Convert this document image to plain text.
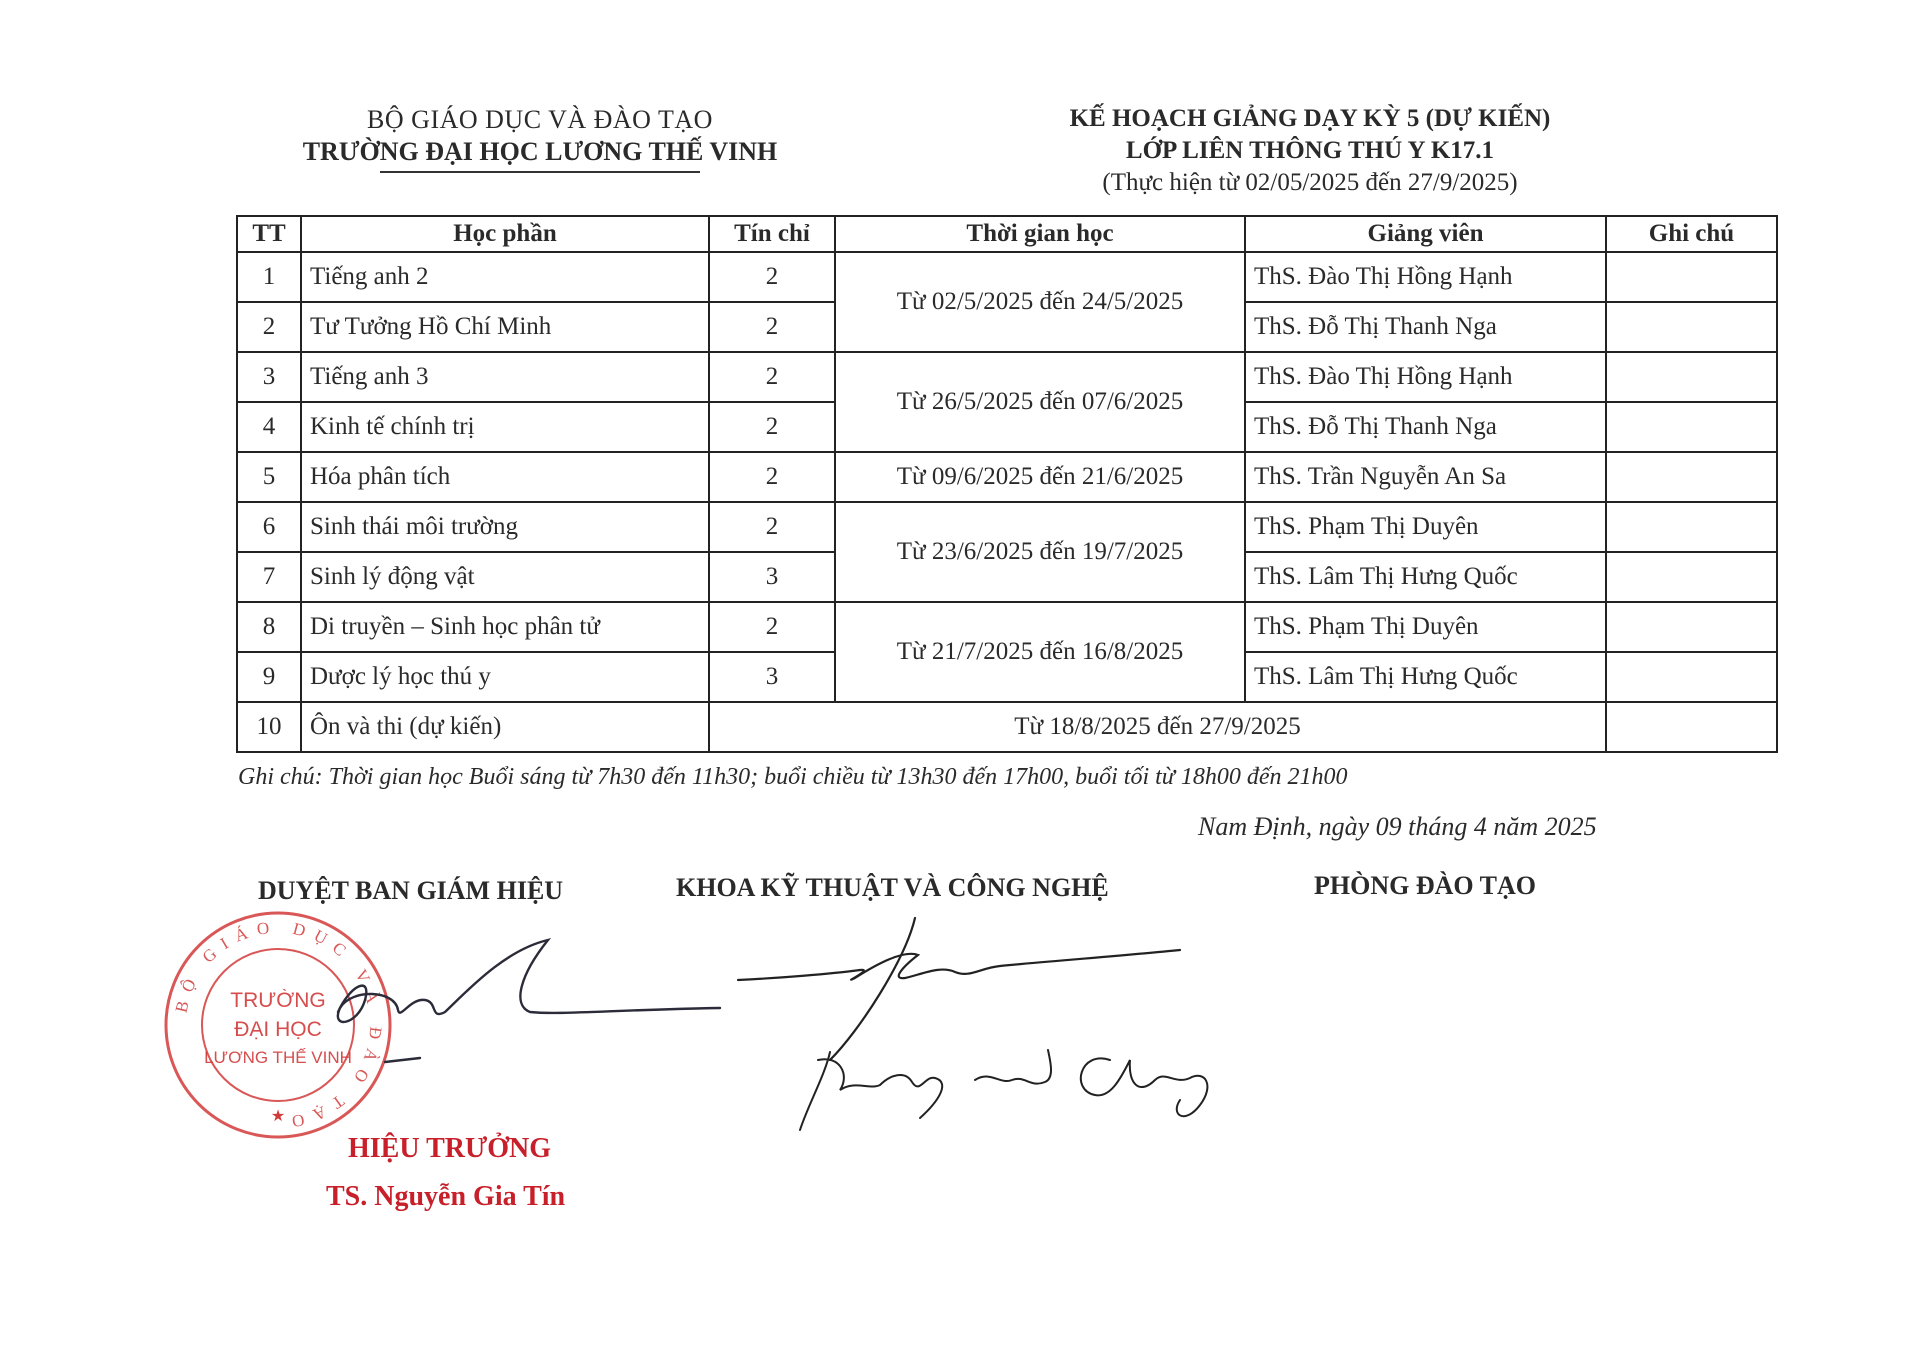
BỘ GIÁO DỤC VÀ ĐÀO TẠO
TRƯỜNG ĐẠI HỌC LƯƠNG THẾ VINH
KẾ HOẠCH GIẢNG DẠY KỲ 5 (DỰ KIẾN)
LỚP LIÊN THÔNG THÚ Y K17.1
(Thực hiện từ 02/05/2025 đến 27/9/2025)
TT	Học phần	Tín chỉ	Thời gian học	Giảng viên	Ghi chú
1	Tiếng anh 2	2	Từ 02/5/2025 đến 24/5/2025	ThS. Đào Thị Hồng Hạnh	
2	Tư Tưởng Hồ Chí Minh	2		ThS. Đỗ Thị Thanh Nga	
3	Tiếng anh 3	2	Từ 26/5/2025 đến 07/6/2025	ThS. Đào Thị Hồng Hạnh	
4	Kinh tế chính trị	2		ThS. Đỗ Thị Thanh Nga	
5	Hóa phân tích	2	Từ 09/6/2025 đến 21/6/2025	ThS. Trần Nguyễn An Sa	
6	Sinh thái môi trường	2	Từ 23/6/2025 đến 19/7/2025	ThS. Phạm Thị Duyên	
7	Sinh lý động vật	3		ThS. Lâm Thị Hưng Quốc	
8	Di truyền – Sinh học phân tử	2	Từ 21/7/2025 đến 16/8/2025	ThS. Phạm Thị Duyên	
9	Dược lý học thú y	3		ThS. Lâm Thị Hưng Quốc	
10	Ôn và thi (dự kiến)	Từ 18/8/2025 đến 27/9/2025			
Ghi chú: Thời gian học Buổi sáng từ 7h30 đến 11h30; buổi chiều từ 13h30 đến 17h00, buổi tối từ 18h00 đến 21h00
Nam Định, ngày 09 tháng 4 năm 2025
DUYỆT BAN GIÁM HIỆU	KHOA KỸ THUẬT VÀ CÔNG NGHỆ	PHÒNG ĐÀO TẠO
BỘ GIÁO DỤC VÀ ĐÀO TẠO
TRƯỜNG
ĐẠI HỌC
LƯƠNG THẾ VINH
★
HIỆU TRƯỞNG
TS. Nguyễn Gia Tín
